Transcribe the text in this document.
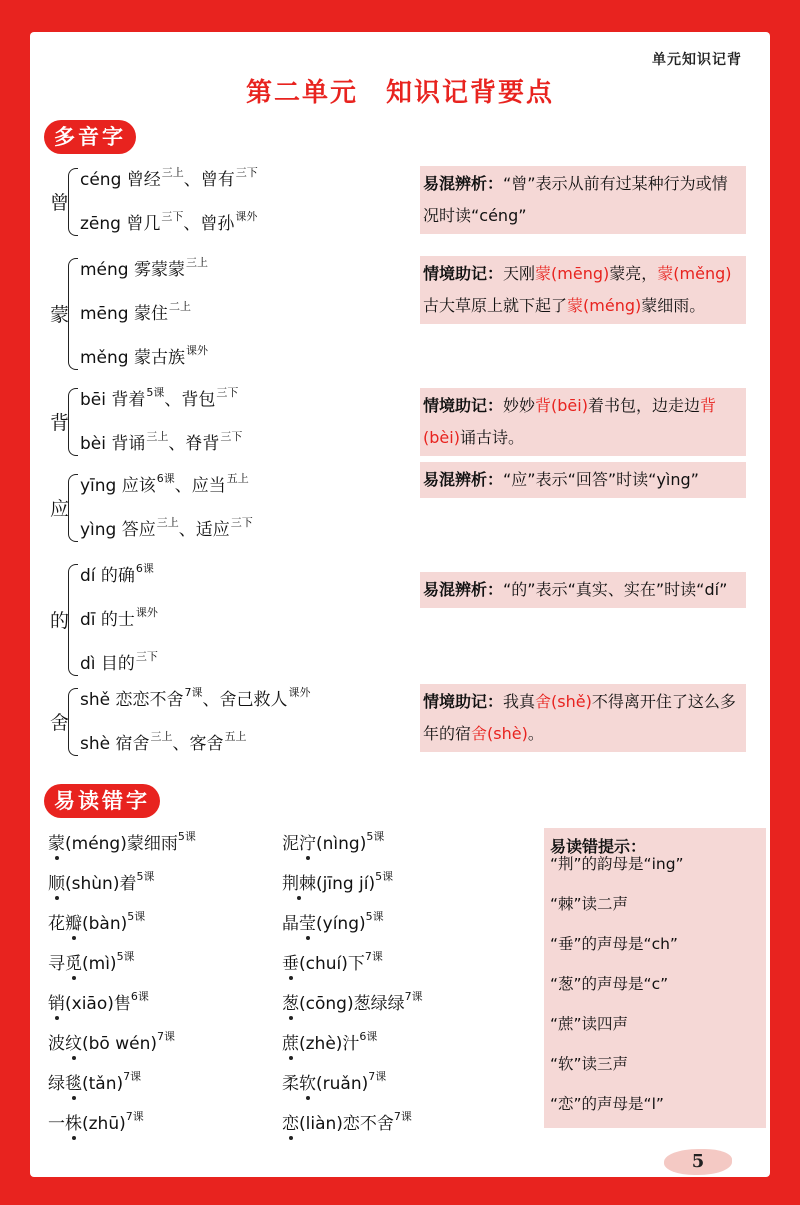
单元知识记背
第二单元　知识记背要点
多音字
曾
céng 曾经$^{三上}$、曾有$^{三下}$
zēng 曾几$^{三下}$、曾孙$^{课外}$
蒙
méng 雾蒙蒙$^{三上}$
mēng 蒙住$^{二上}$
měng 蒙古族$^{课外}$
背
bēi 背着$^{5课}$、背包$^{三下}$
bèi 背诵$^{三上}$、脊背$^{三下}$
应
yīng 应该$^{6课}$、应当$^{五上}$
yìng 答应$^{三上}$、适应$^{三下}$
的
dí 的确$^{6课}$
dī 的士$^{课外}$
dì 目的$^{三下}$
舍
shě 恋恋不舍$^{7课}$、舍己救人$^{课外}$
shè 宿舍$^{三上}$、客舍$^{五上}$
易混辨析：“曾”表示从前有过某种行为或情况时读“céng”
情境助记：天刚蒙(mēng)蒙亮，蒙(měng)古大草原上就下起了蒙(méng)蒙细雨。
情境助记：妙妙背(bēi)着书包，边走边背(bèi)诵古诗。
易混辨析：“应”表示“回答”时读“yìng”
易混辨析：“的”表示“真实、实在”时读“dí”
情境助记：我真舍(shě)不得离开住了这么多年的宿舍(shè)。
易读错字
蒙(méng)蒙细雨$^{5课}$
顺(shùn)着$^{5课}$
花瓣(bàn)$^{5课}$
寻觅(mì)$^{5课}$
销(xiāo)售$^{6课}$
波纹(bō wén)$^{7课}$
绿毯(tǎn)$^{7课}$
一株(zhū)$^{7课}$
泥泞(nìng)$^{5课}$
荆棘(jīng jí)$^{5课}$
晶莹(yíng)$^{5课}$
垂(chuí)下$^{7课}$
葱(cōng)葱绿绿$^{7课}$
蔗(zhè)汁$^{6课}$
柔软(ruǎn)$^{7课}$
恋(liàn)恋不舍$^{7课}$
易读错提示：
“荆”的韵母是“ing”
“棘”读二声
“垂”的声母是“ch”
“葱”的声母是“c”
“蔗”读四声
“软”读三声
“恋”的声母是“l”
5
